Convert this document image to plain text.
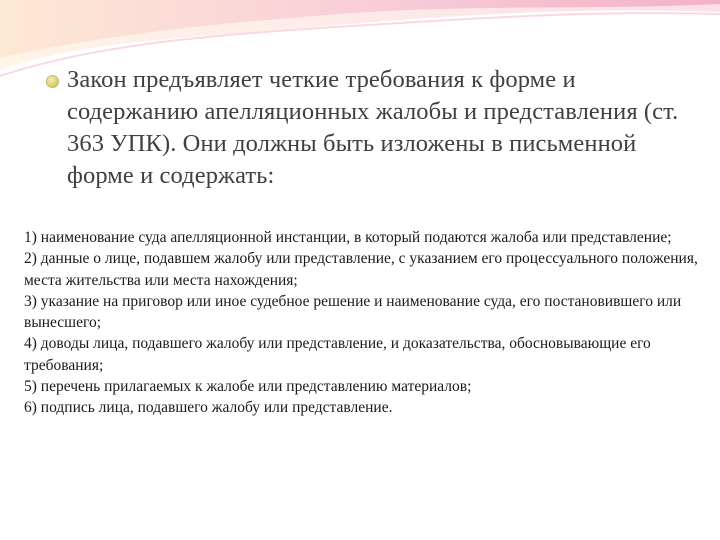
Закон предъявляет четкие требования к форме и содержанию апелляционных жалобы и представления (ст. 363 УПК). Они должны быть изложены в письменной форме и содержать:

1) наименование суда апелляционной инстанции, в который подаются жалоба или представление;
2) данные о лице, подавшем жалобу или представление, с указанием его процессуального положения, места жительства или места нахождения;
3) указание на приговор или иное судебное решение и наименование суда, его постановившего или вынесшего;
4) доводы лица, подавшего жалобу или представление, и доказательства, обосновывающие его требования;
5) перечень прилагаемых к жалобе или представлению материалов;
6) подпись лица, подавшего жалобу или представление.
